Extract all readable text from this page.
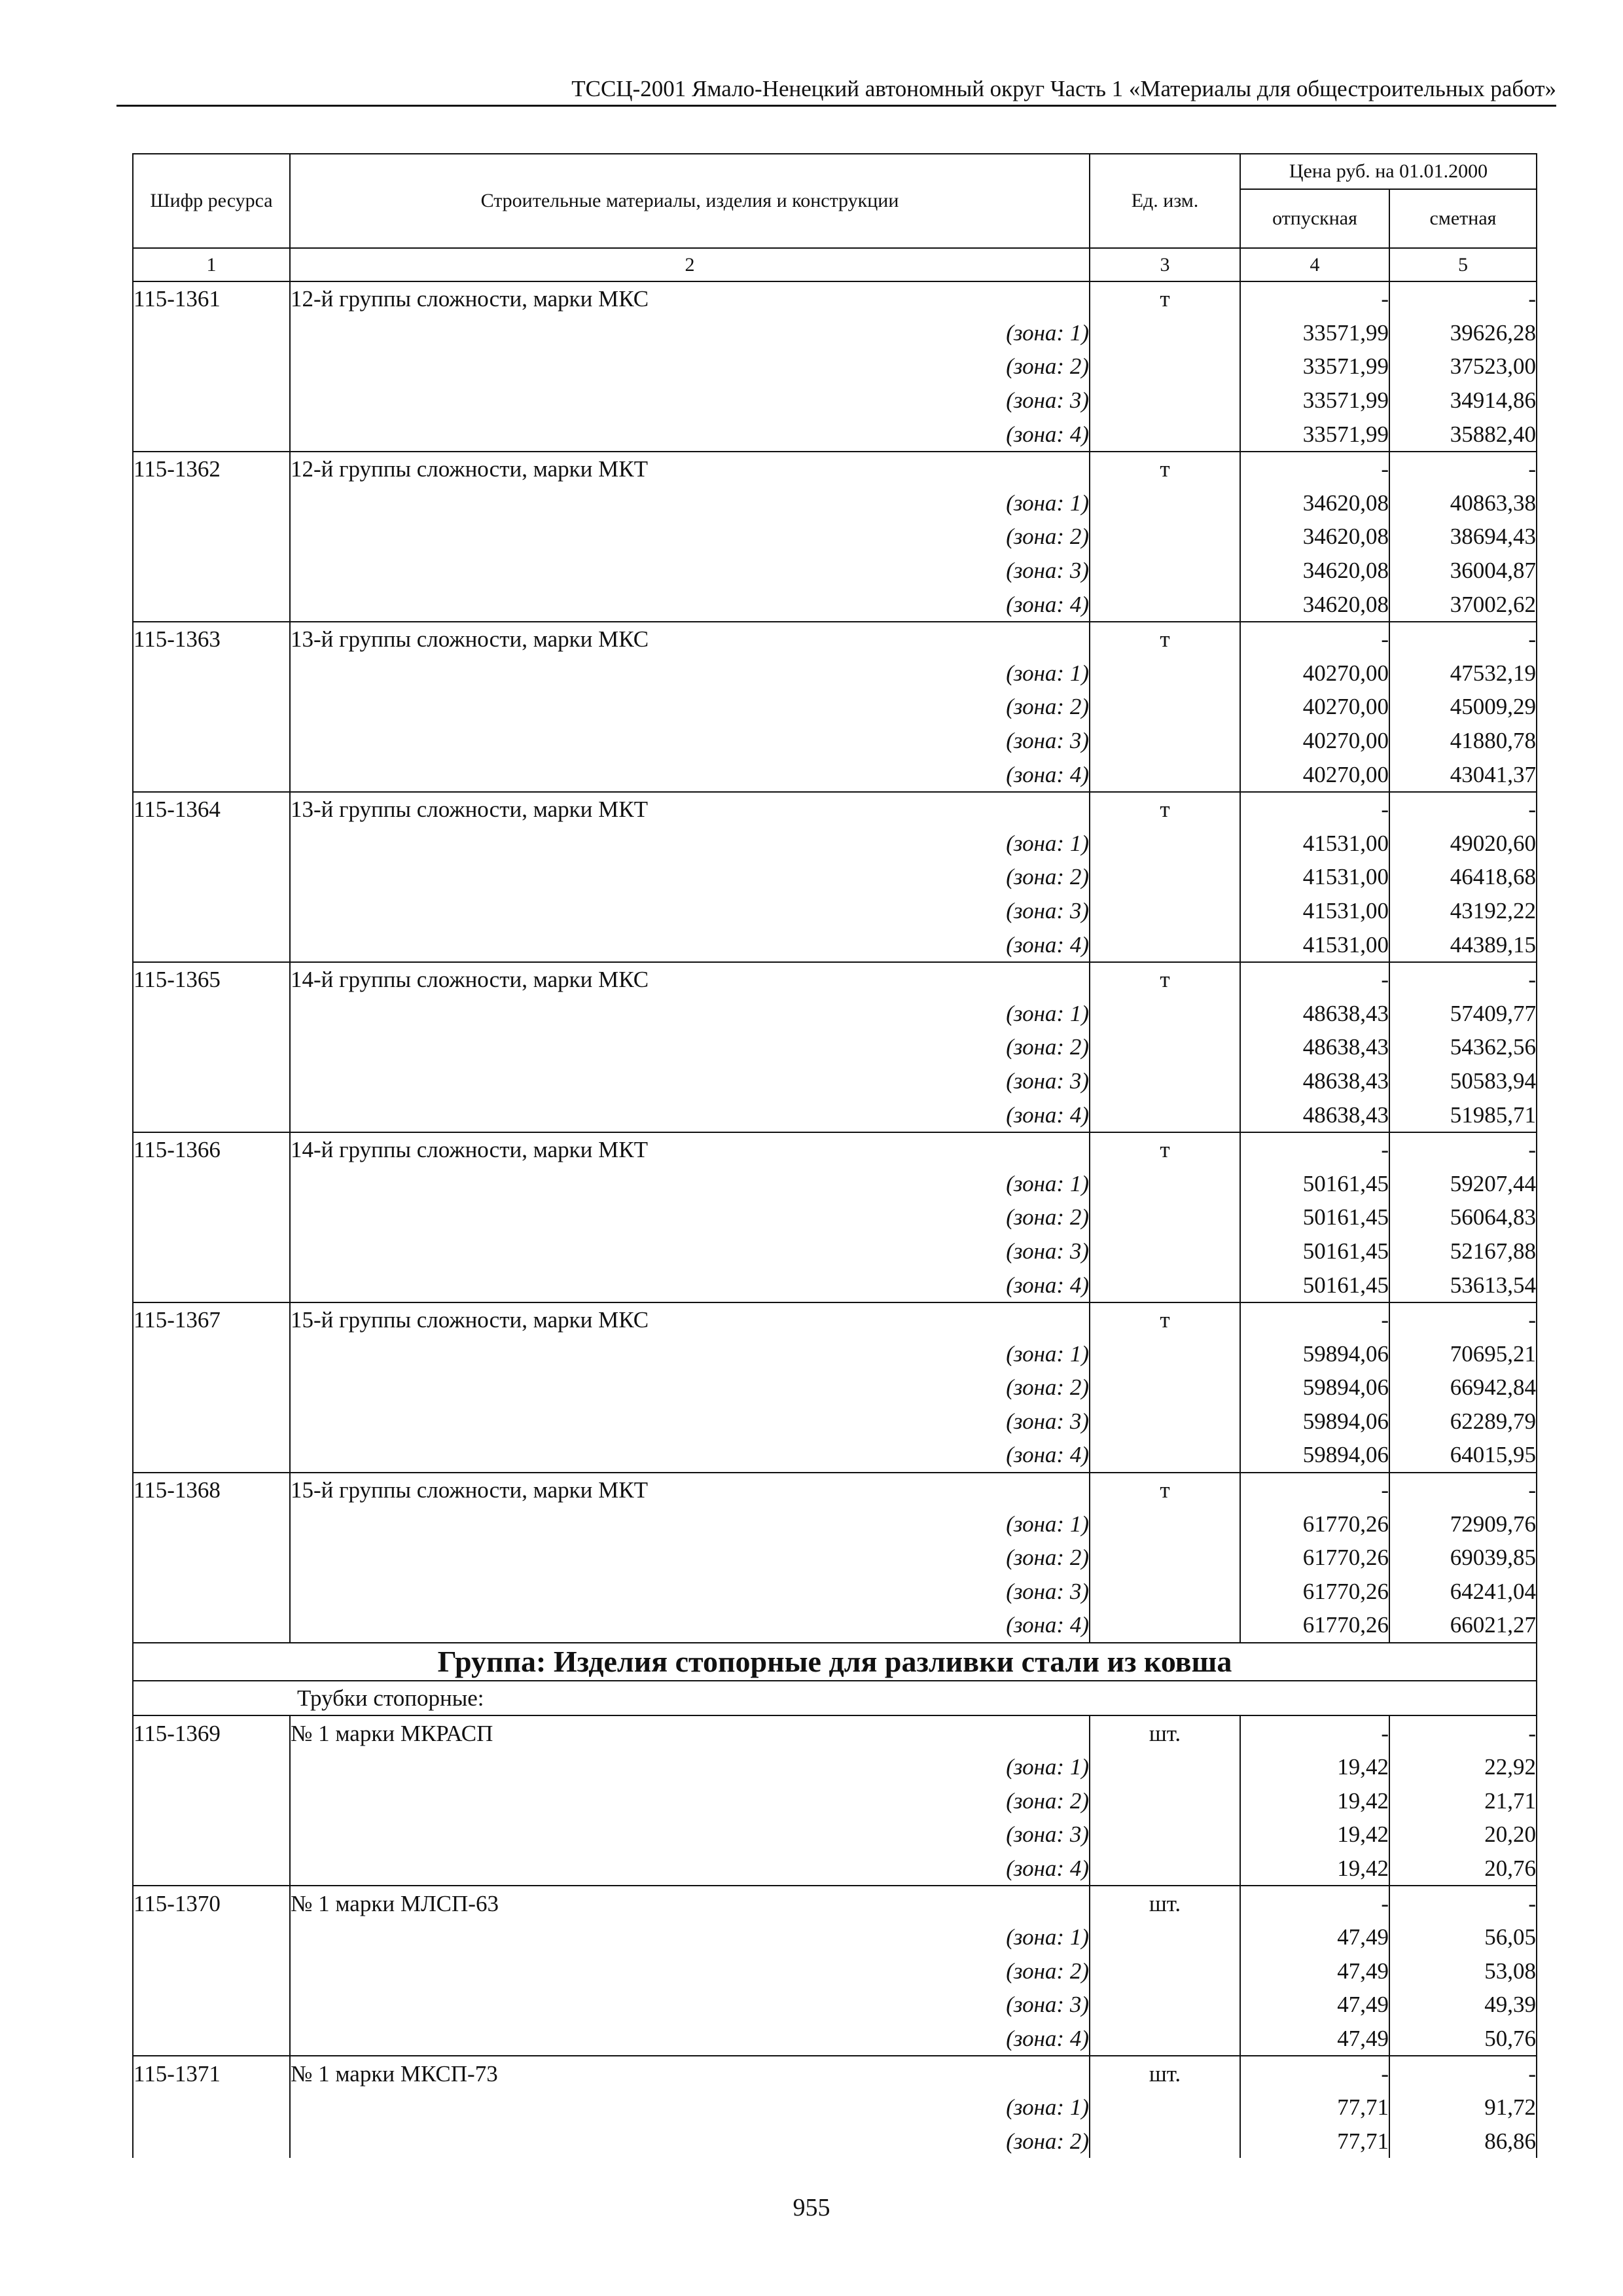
ТССЦ-2001 Ямало-Ненецкий автономный округ Часть 1 «Материалы для общестроительных работ»
Шифр ресурса	Строительные материалы, изделия и конструкции	Ед. изм.	Цена руб. на 01.01.2000	
			отпускная	сметная
1	2	3	4	5
115-1361	12-й группы сложности, марки МКС	т	-	-
	(зона: 1)		33571,99	39626,28
	(зона: 2)		33571,99	37523,00
	(зона: 3)		33571,99	34914,86
	(зона: 4)		33571,99	35882,40
115-1362	12-й группы сложности, марки МКТ	т	-	-
	(зона: 1)		34620,08	40863,38
	(зона: 2)		34620,08	38694,43
	(зона: 3)		34620,08	36004,87
	(зона: 4)		34620,08	37002,62
115-1363	13-й группы сложности, марки МКС	т	-	-
	(зона: 1)		40270,00	47532,19
	(зона: 2)		40270,00	45009,29
	(зона: 3)		40270,00	41880,78
	(зона: 4)		40270,00	43041,37
115-1364	13-й группы сложности, марки МКТ	т	-	-
	(зона: 1)		41531,00	49020,60
	(зона: 2)		41531,00	46418,68
	(зона: 3)		41531,00	43192,22
	(зона: 4)		41531,00	44389,15
115-1365	14-й группы сложности, марки МКС	т	-	-
	(зона: 1)		48638,43	57409,77
	(зона: 2)		48638,43	54362,56
	(зона: 3)		48638,43	50583,94
	(зона: 4)		48638,43	51985,71
115-1366	14-й группы сложности, марки МКТ	т	-	-
	(зона: 1)		50161,45	59207,44
	(зона: 2)		50161,45	56064,83
	(зона: 3)		50161,45	52167,88
	(зона: 4)		50161,45	53613,54
115-1367	15-й группы сложности, марки МКС	т	-	-
	(зона: 1)		59894,06	70695,21
	(зона: 2)		59894,06	66942,84
	(зона: 3)		59894,06	62289,79
	(зона: 4)		59894,06	64015,95
115-1368	15-й группы сложности, марки МКТ	т	-	-
	(зона: 1)		61770,26	72909,76
	(зона: 2)		61770,26	69039,85
	(зона: 3)		61770,26	64241,04
	(зона: 4)		61770,26	66021,27
Группа: Изделия стопорные для разливки стали из ковша				
Трубки стопорные:				
115-1369	№ 1 марки МКРАСП	шт.	-	-
	(зона: 1)		19,42	22,92
	(зона: 2)		19,42	21,71
	(зона: 3)		19,42	20,20
	(зона: 4)		19,42	20,76
115-1370	№ 1 марки МЛСП-63	шт.	-	-
	(зона: 1)		47,49	56,05
	(зона: 2)		47,49	53,08
	(зона: 3)		47,49	49,39
	(зона: 4)		47,49	50,76
115-1371	№ 1 марки МКСП-73	шт.	-	-
	(зона: 1)		77,71	91,72
	(зона: 2)		77,71	86,86
955
